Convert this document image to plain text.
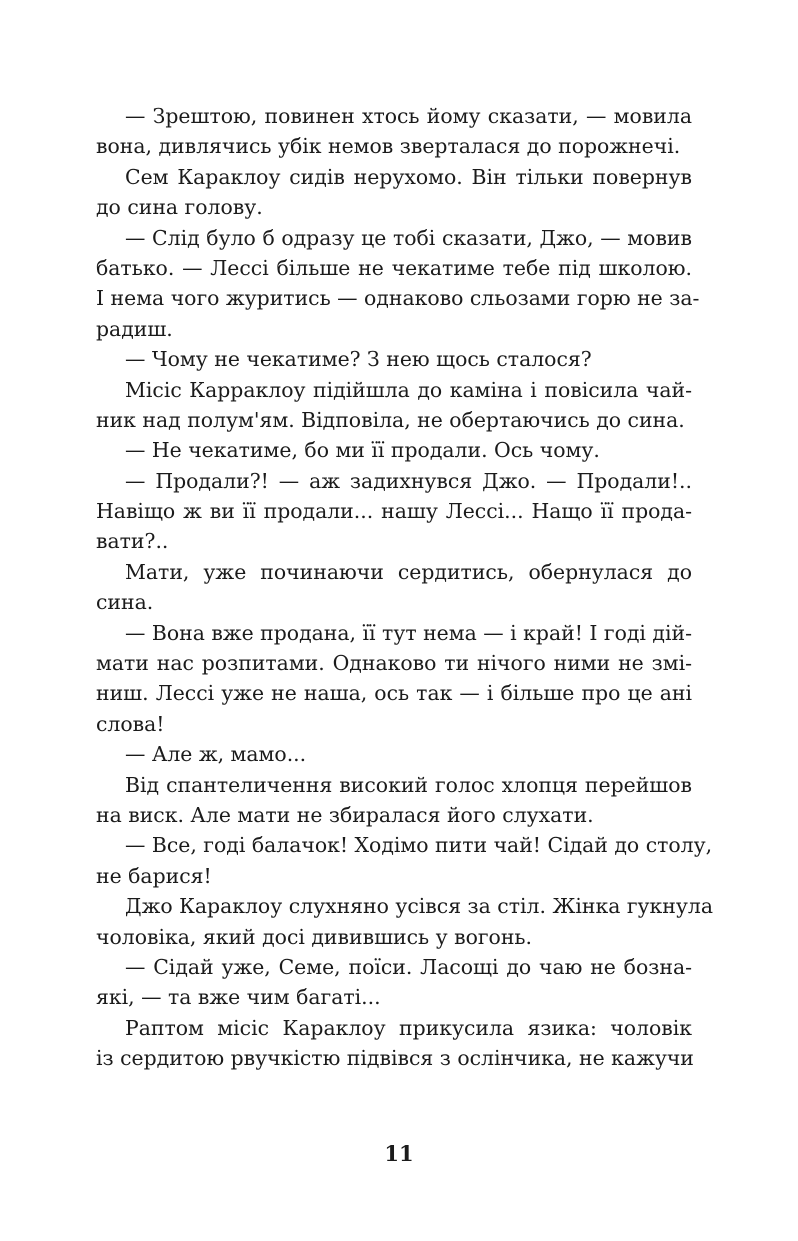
— Зрештою, повинен хтось йому сказати, — мовила
вона, дивлячись убік немов зверталася до порожнечі.
Сем Караклоу сидів нерухомо. Він тільки повернув
до сина голову.
— Слід було б одразу це тобі сказати, Джо, — мовив
батько. — Лессі більше не чекатиме тебе під школою.
І нема чого журитись — однаково сльозами горю не за-
радиш.
— Чому не чекатиме? З нею щось сталося?
Місіс Карраклоу підійшла до каміна і повісила чай-
ник над полум'ям. Відповіла, не обертаючись до сина.
— Не чекатиме, бо ми її продали. Ось чому.
— Продали?! — аж задихнувся Джо. — Продали!..
Навіщо ж ви її продали... нашу Лессі... Нащо її прода-
вати?..
Мати, уже починаючи сердитись, обернулася до
сина.
— Вона вже продана, її тут нема — і край! І годі дій-
мати нас розпитами. Однаково ти нічого ними не змі-
ниш. Лессі уже не наша, ось так — і більше про це ані
слова!
— Але ж, мамо...
Від спантеличення високий голос хлопця перейшов
на виск. Але мати не збиралася його слухати.
— Все, годі балачок! Ходімо пити чай! Сідай до столу,
не барися!
Джо Караклоу слухняно усівся за стіл. Жінка гукнула
чоловіка, який досі дивившись у вогонь.
— Сідай уже, Семе, поїси. Ласощі до чаю не бозна-
які, — та вже чим багаті...
Раптом місіс Караклоу прикусила язика: чоловік
із сердитою рвучкістю підвівся з ослінчика, не кажучи
11
